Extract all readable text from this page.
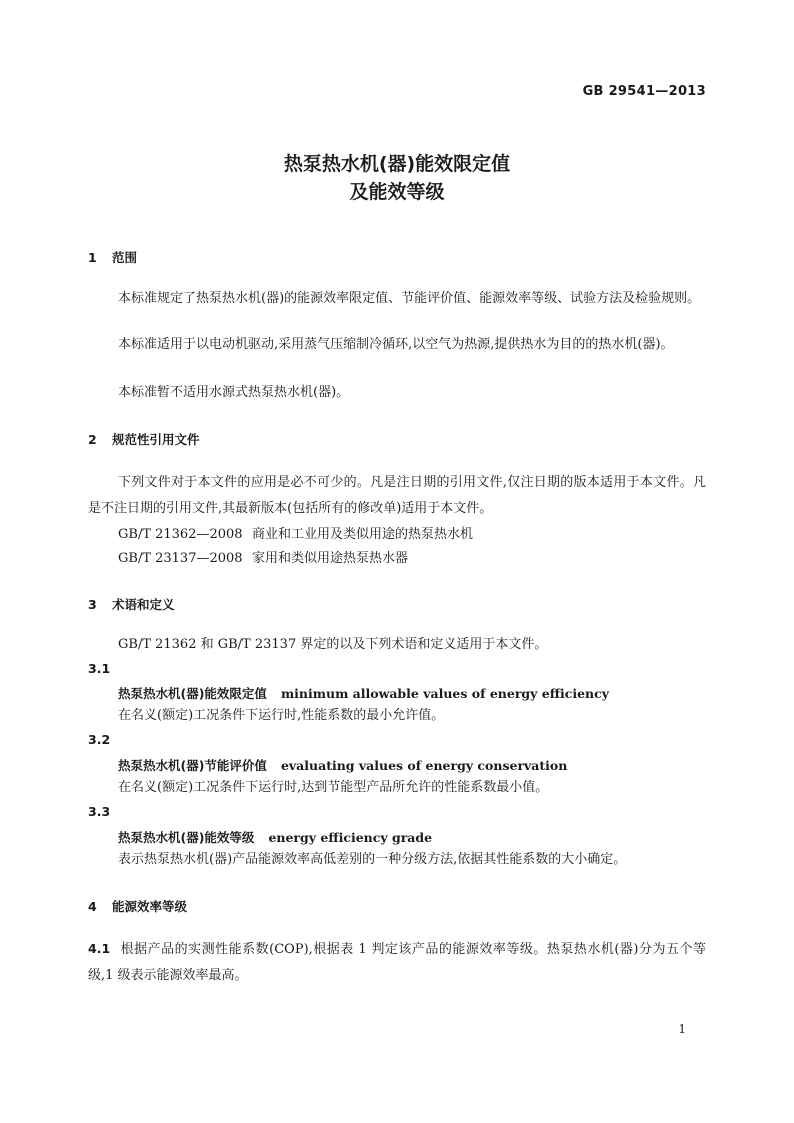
GB 29541—2013
热泵热水机(器)能效限定值
及能效等级
1 范围
本标准规定了热泵热水机(器)的能源效率限定值、节能评价值、能源效率等级、试验方法及检验规则。
本标准适用于以电动机驱动,采用蒸气压缩制冷循环,以空气为热源,提供热水为目的的热水机(器)。
本标准暂不适用水源式热泵热水机(器)。
2 规范性引用文件
下列文件对于本文件的应用是必不可少的。凡是注日期的引用文件,仅注日期的版本适用于本文件。凡是不注日期的引用文件,其最新版本(包括所有的修改单)适用于本文件。
GB/T 21362—2008 商业和工业用及类似用途的热泵热水机
GB/T 23137—2008 家用和类似用途热泵热水器
3 术语和定义
GB/T 21362 和 GB/T 23137 界定的以及下列术语和定义适用于本文件。
3.1
热泵热水机(器)能效限定值 minimum allowable values of energy efficiency
在名义(额定)工况条件下运行时,性能系数的最小允许值。
3.2
热泵热水机(器)节能评价值 evaluating values of energy conservation
在名义(额定)工况条件下运行时,达到节能型产品所允许的性能系数最小值。
3.3
热泵热水机(器)能效等级 energy efficiency grade
表示热泵热水机(器)产品能源效率高低差别的一种分级方法,依据其性能系数的大小确定。
4 能源效率等级
4.1 根据产品的实测性能系数(COP),根据表 1 判定该产品的能源效率等级。热泵热水机(器)分为五个等级,1 级表示能源效率最高。
1
